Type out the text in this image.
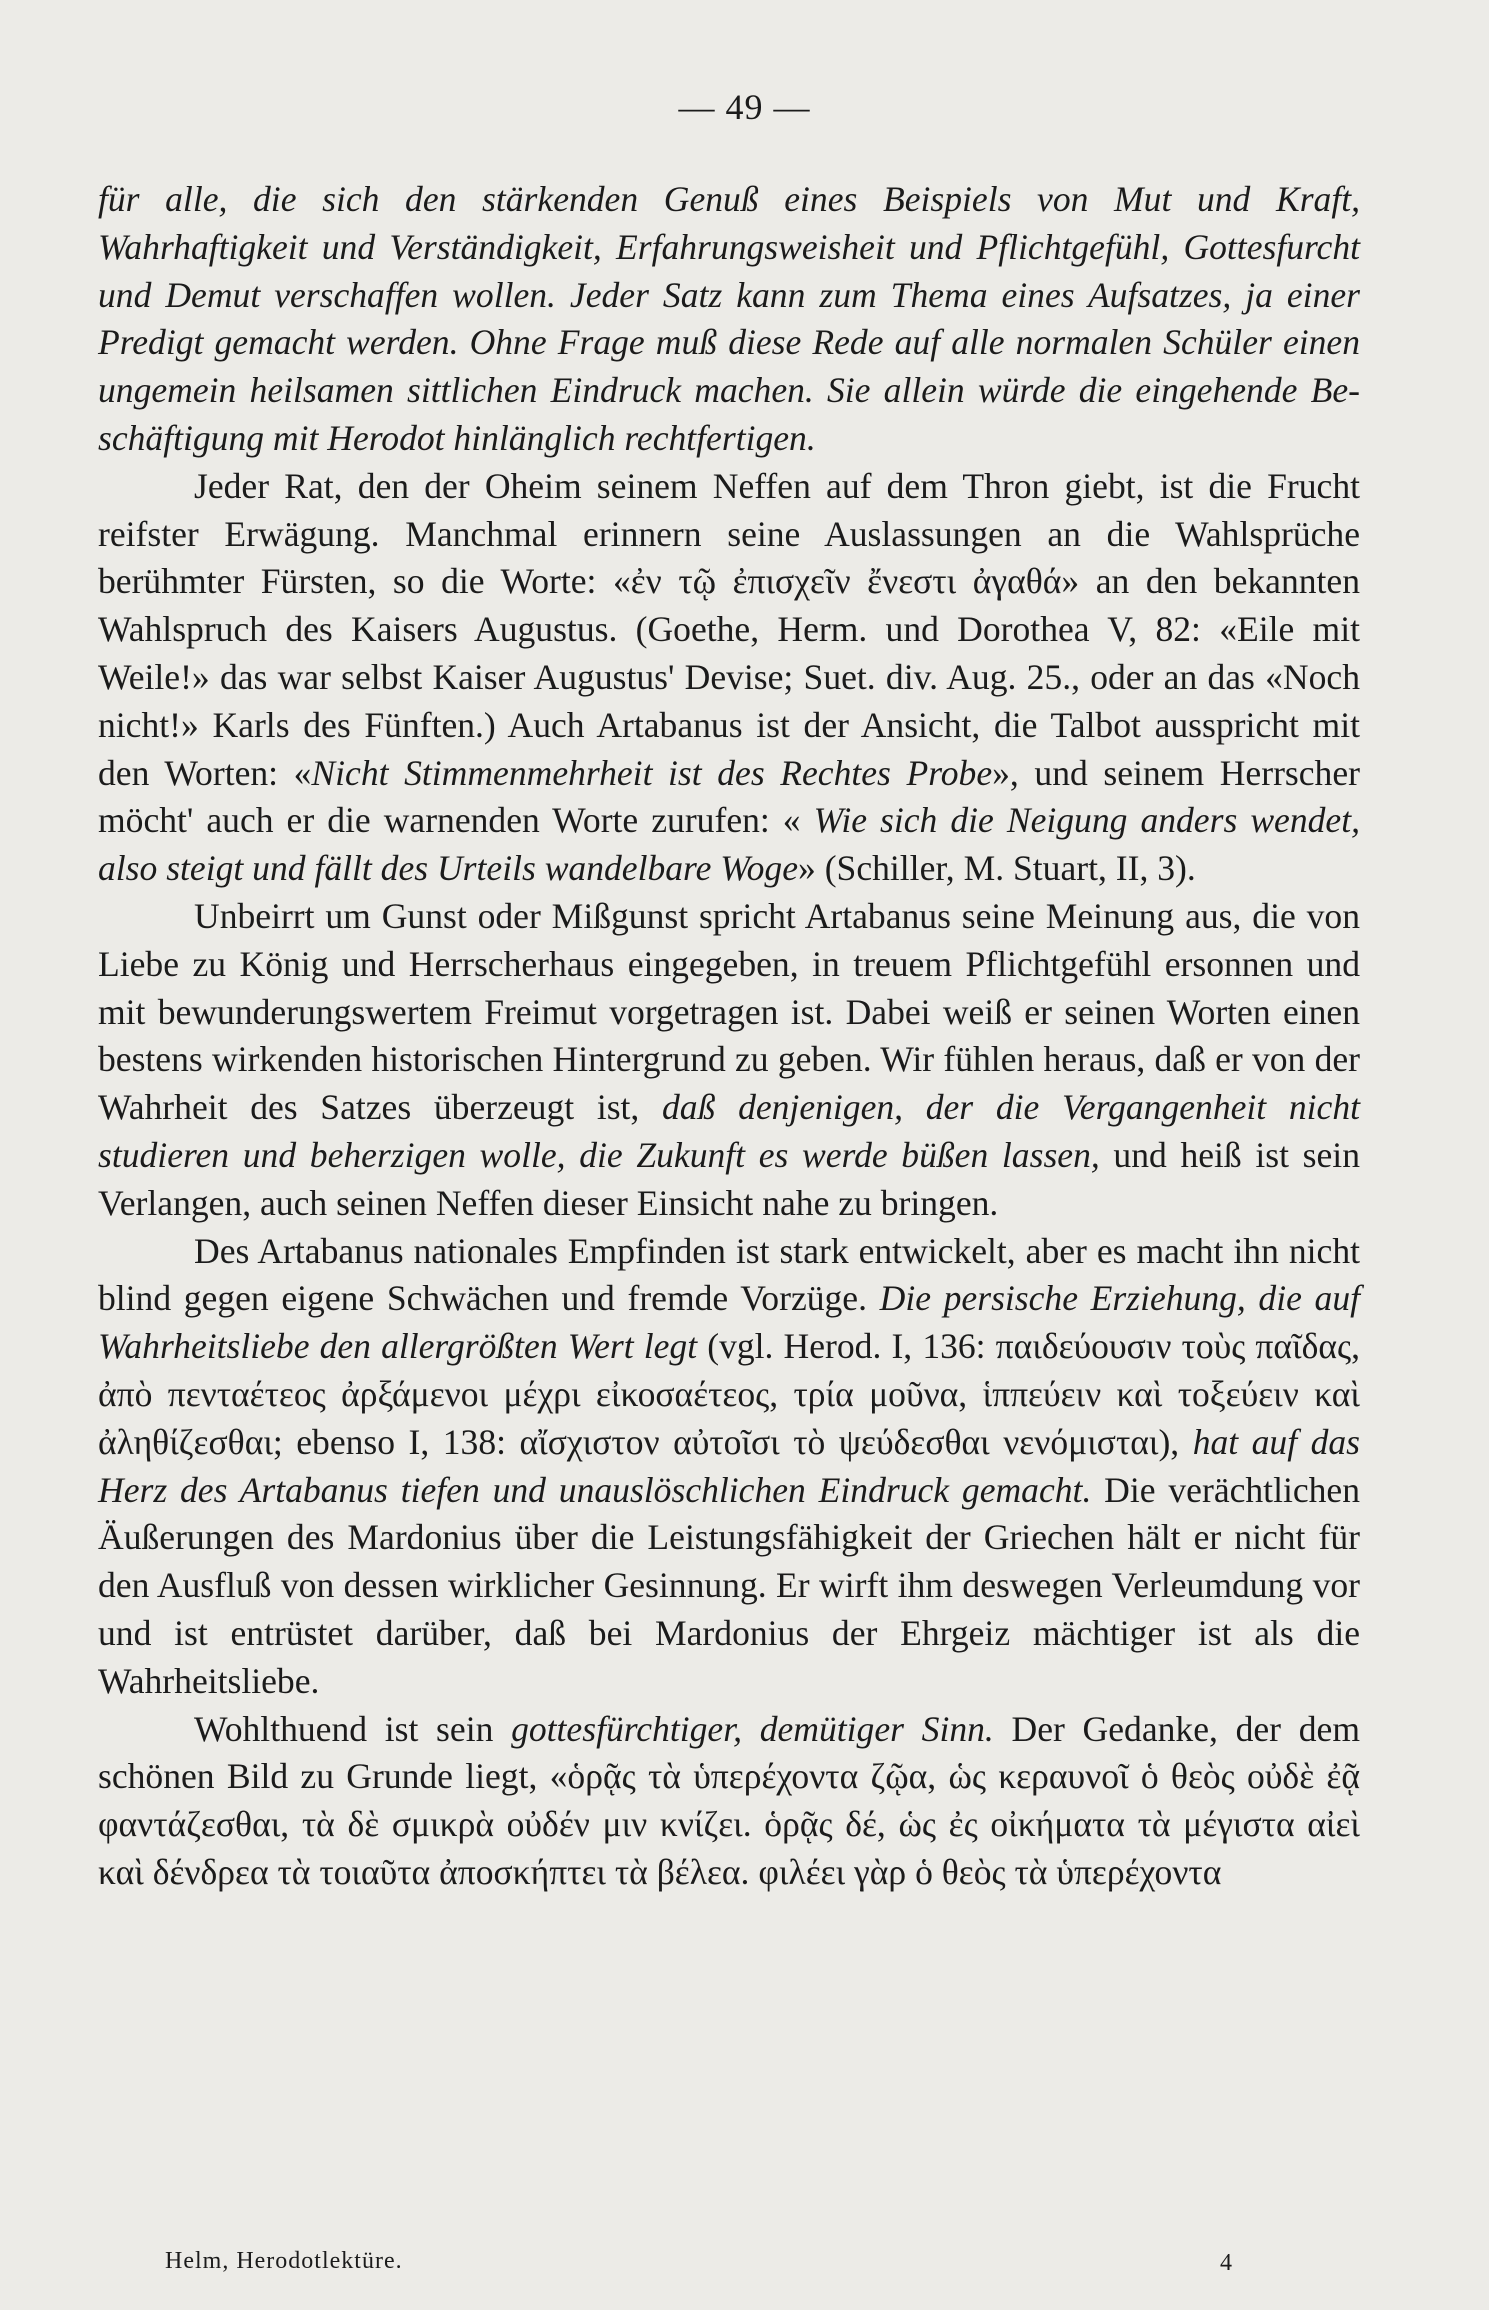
— 49 —

für alle, die sich den stärkenden Genuß eines Beispiels von Mut und Kraft, Wahrhaftigkeit und Verständigkeit, Erfahrungsweisheit und Pflichtgefühl, Gottesfurcht und Demut verschaffen wollen. Jeder Satz kann zum Thema eines Aufsatzes, ja einer Predigt gemacht werden. Ohne Frage muß diese Rede auf alle normalen Schüler einen ungemein heilsamen sittlichen Eindruck machen. Sie allein würde die eingehende Beschäftigung mit Herodot hinlänglich rechtfertigen.

Jeder Rat, den der Oheim seinem Neffen auf dem Thron giebt, ist die Frucht reifster Erwägung. Manchmal erinnern seine Auslassungen an die Wahlsprüche berühmter Fürsten, so die Worte: «ἐν τῷ ἐπισχεῖν ἔνεστι ἀγαθά» an den bekannten Wahlspruch des Kaisers Augustus. (Goethe, Herm. und Dorothea V, 82: «Eile mit Weile!» das war selbst Kaiser Augustus' Devise; Suet. div. Aug. 25., oder an das «Noch nicht!» Karls des Fünften.) Auch Artabanus ist der Ansicht, die Talbot ausspricht mit den Worten: «Nicht Stimmenmehrheit ist des Rechtes Probe», und seinem Herrscher möcht' auch er die warnenden Worte zurufen: « Wie sich die Neigung anders wendet, also steigt und fällt des Urteils wandelbare Woge» (Schiller, M. Stuart, II, 3).

Unbeirrt um Gunst oder Mißgunst spricht Artabanus seine Meinung aus, die von Liebe zu König und Herrscherhaus eingegeben, in treuem Pflichtgefühl ersonnen und mit bewunderungswertem Freimut vorgetragen ist. Dabei weiß er seinen Worten einen bestens wirkenden historischen Hintergrund zu geben. Wir fühlen heraus, daß er von der Wahrheit des Satzes überzeugt ist, daß denjenigen, der die Vergangenheit nicht studieren und beherzigen wolle, die Zukunft es werde büßen lassen, und heiß ist sein Verlangen, auch seinen Neffen dieser Einsicht nahe zu bringen.

Des Artabanus nationales Empfinden ist stark entwickelt, aber es macht ihn nicht blind gegen eigene Schwächen und fremde Vorzüge. Die persische Erziehung, die auf Wahrheitsliebe den allergrößten Wert legt (vgl. Herod. I, 136: παιδεύουσιν τοὺς παῖδας, ἀπὸ πενταέτεος ἀρξάμενοι μέχρι εἰκοσαέτεος, τρία μοῦνα, ἱππεύειν καὶ τοξεύειν καὶ ἀληθίζεσθαι; ebenso I, 138: αἴσχιστον αὐτοῖσι τὸ ψεύδεσθαι νενόμισται), hat auf das Herz des Artabanus tiefen und unauslöschlichen Eindruck gemacht. Die verächtlichen Äußerungen des Mardonius über die Leistungsfähigkeit der Griechen hält er nicht für den Ausfluß von dessen wirklicher Gesinnung. Er wirft ihm deswegen Verleumdung vor und ist entrüstet darüber, daß bei Mardonius der Ehrgeiz mächtiger ist als die Wahrheitsliebe.

Wohlthuend ist sein gottesfürchtiger, demütiger Sinn. Der Gedanke, der dem schönen Bild zu Grunde liegt, «ὁρᾷς τὰ ὑπερέχοντα ζῷα, ὡς κεραυνοῖ ὁ θεὸς οὐδὲ ἐᾷ φαντάζεσθαι, τὰ δὲ σμικρὰ οὐδέν μιν κνίζει. ὁρᾷς δέ, ὡς ἐς οἰκήματα τὰ μέγιστα αἰεὶ καὶ δένδρεα τὰ τοιαῦτα ἀποσκήπτει τὰ βέλεα. φιλέει γὰρ ὁ θεὸς τὰ ὑπερέχοντα

Helm, Herodotlektüre.	4
